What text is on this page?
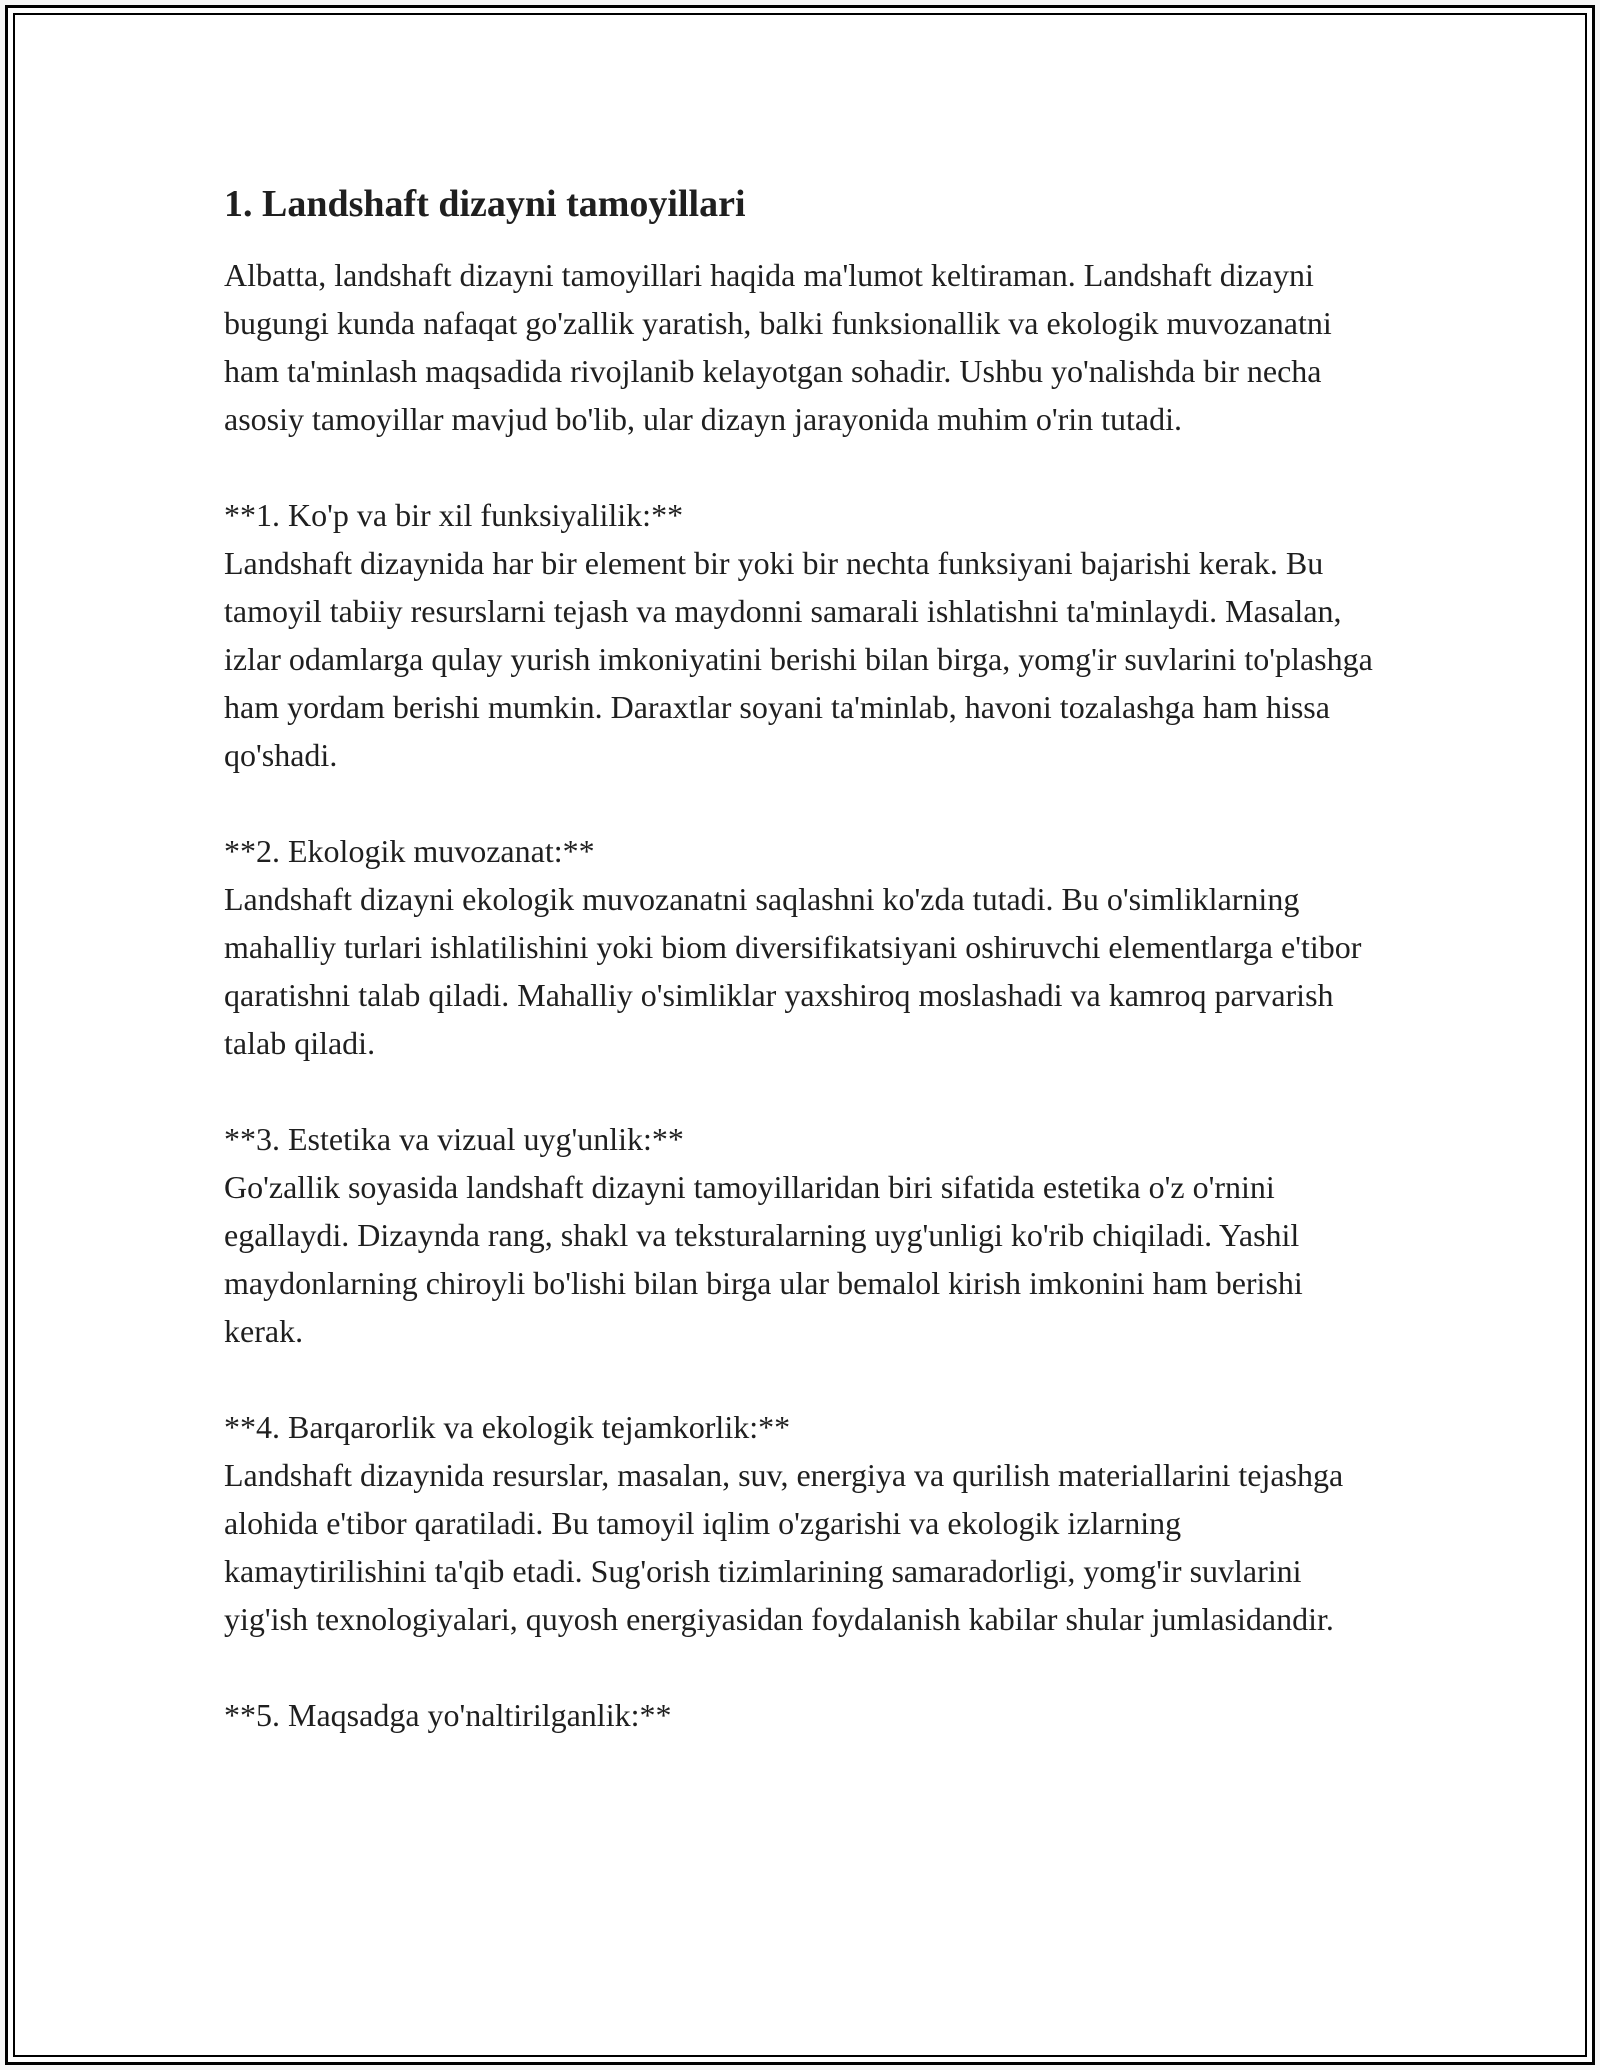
1. Landshaft dizayni tamoyillari

Albatta, landshaft dizayni tamoyillari haqida ma'lumot keltiraman. Landshaft dizayni bugungi kunda nafaqat go'zallik yaratish, balki funksionallik va ekologik muvozanatni ham ta'minlash maqsadida rivojlanib kelayotgan sohadir. Ushbu yo'nalishda bir necha asosiy tamoyillar mavjud bo'lib, ular dizayn jarayonida muhim o'rin tutadi.

**1. Ko'p va bir xil funksiyalilik:**
Landshaft dizaynida har bir element bir yoki bir nechta funksiyani bajarishi kerak. Bu tamoyil tabiiy resurslarni tejash va maydonni samarali ishlatishni ta'minlaydi. Masalan, izlar odamlarga qulay yurish imkoniyatini berishi bilan birga, yomg'ir suvlarini to'plashga ham yordam berishi mumkin. Daraxtlar soyani ta'minlab, havoni tozalashga ham hissa qo'shadi.

**2. Ekologik muvozanat:**
Landshaft dizayni ekologik muvozanatni saqlashni ko'zda tutadi. Bu o'simliklarning mahalliy turlari ishlatilishini yoki biom diversifikatsiyani oshiruvchi elementlarga e'tibor qaratishni talab qiladi. Mahalliy o'simliklar yaxshiroq moslashadi va kamroq parvarish talab qiladi.

**3. Estetika va vizual uyg'unlik:**
Go'zallik soyasida landshaft dizayni tamoyillaridan biri sifatida estetika o'z o'rnini egallaydi. Dizaynda rang, shakl va teksturalarning uyg'unligi ko'rib chiqiladi. Yashil maydonlarning chiroyli bo'lishi bilan birga ular bemalol kirish imkonini ham berishi kerak.

**4. Barqarorlik va ekologik tejamkorlik:**
Landshaft dizaynida resurslar, masalan, suv, energiya va qurilish materiallarini tejashga alohida e'tibor qaratiladi. Bu tamoyil iqlim o'zgarishi va ekologik izlarning kamaytirilishini ta'qib etadi. Sug'orish tizimlarining samaradorligi, yomg'ir suvlarini yig'ish texnologiyalari, quyosh energiyasidan foydalanish kabilar shular jumlasidandir.

**5. Maqsadga yo'naltirilganlik:**
